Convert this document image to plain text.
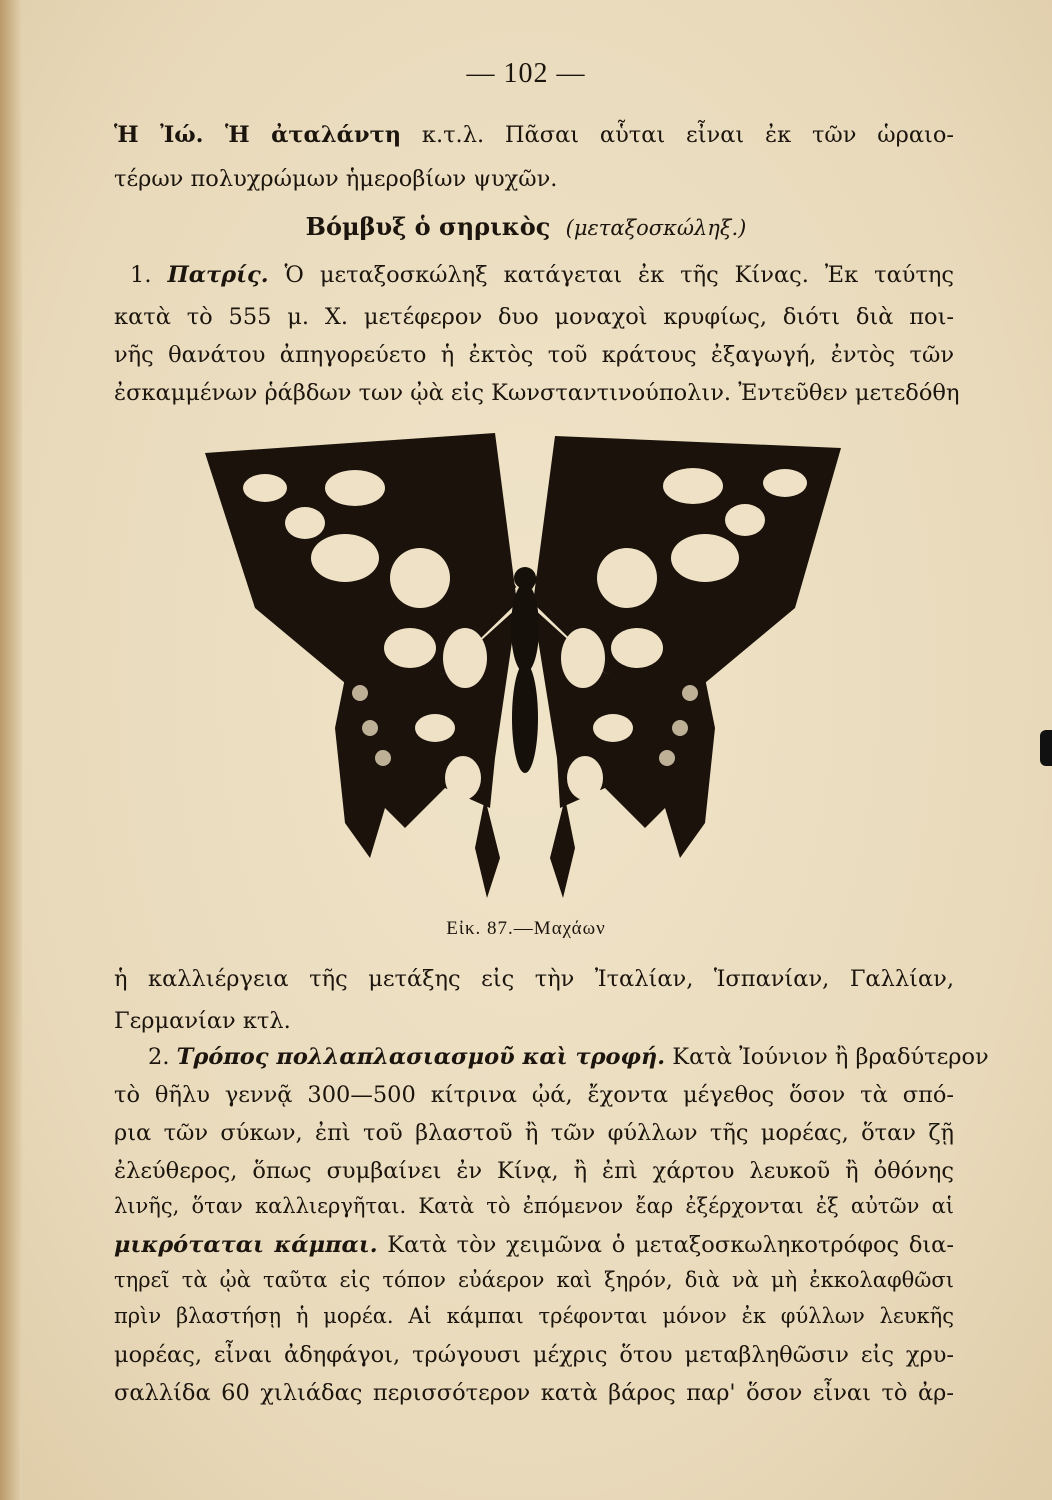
— 102 —
Ἡ Ἰώ. Ἡ ἀταλάντη κ.τ.λ. Πᾶσαι αὗται εἶναι ἐκ τῶν ὡραιο-
τέρων πολυχρώμων ἡμεροβίων ψυχῶν.
Βόμβυξ ὁ σηρικὸς (μεταξοσκώληξ.)
1. Πατρίς. Ὁ μεταξοσκώληξ κατάγεται ἐκ τῆς Κίνας. Ἐκ ταύτης
κατὰ τὸ 555 μ. Χ. μετέφερον δυο μοναχοὶ κρυφίως, διότι διὰ ποι-
νῆς θανάτου ἀπηγορεύετο ἡ ἐκτὸς τοῦ κράτους ἐξαγωγή, ἐντὸς τῶν
ἐσκαμμένων ῥάβδων των ᾠὰ εἰς Κωνσταντινούπολιν. Ἐντεῦθεν μετεδόθη
Εἰκ. 87.—Μαχάων
ἡ καλλιέργεια τῆς μετάξης εἰς τὴν Ἰταλίαν, Ἱσπανίαν, Γαλλίαν,
Γερμανίαν κτλ.
2. Τρόπος πολλαπλασιασμοῦ καὶ τροφή. Κατὰ Ἰούνιον ἢ βραδύτερον
τὸ θῆλυ γεννᾷ 300—500 κίτρινα ᾠά, ἔχοντα μέγεθος ὅσον τὰ σπό-
ρια τῶν σύκων, ἐπὶ τοῦ βλαστοῦ ἢ τῶν φύλλων τῆς μορέας, ὅταν ζῇ
ἐλεύθερος, ὅπως συμβαίνει ἐν Κίνᾳ, ἢ ἐπὶ χάρτου λευκοῦ ἢ ὀθόνης
λινῆς, ὅταν καλλιεργῆται. Κατὰ τὸ ἐπόμενον ἔαρ ἐξέρχονται ἐξ αὐτῶν αἱ
μικρόταται κάμπαι. Κατὰ τὸν χειμῶνα ὁ μεταξοσκωληκοτρόφος δια-
τηρεῖ τὰ ᾠὰ ταῦτα εἰς τόπον εὐάερον καὶ ξηρόν, διὰ νὰ μὴ ἐκκολαφθῶσι
πρὶν βλαστήσῃ ἡ μορέα. Αἱ κάμπαι τρέφονται μόνον ἐκ φύλλων λευκῆς
μορέας, εἶναι ἀδηφάγοι, τρώγουσι μέχρις ὅτου μεταβληθῶσιν εἰς χρυ-
σαλλίδα 60 χιλιάδας περισσότερον κατὰ βάρος παρ' ὅσον εἶναι τὸ ἀρ-
